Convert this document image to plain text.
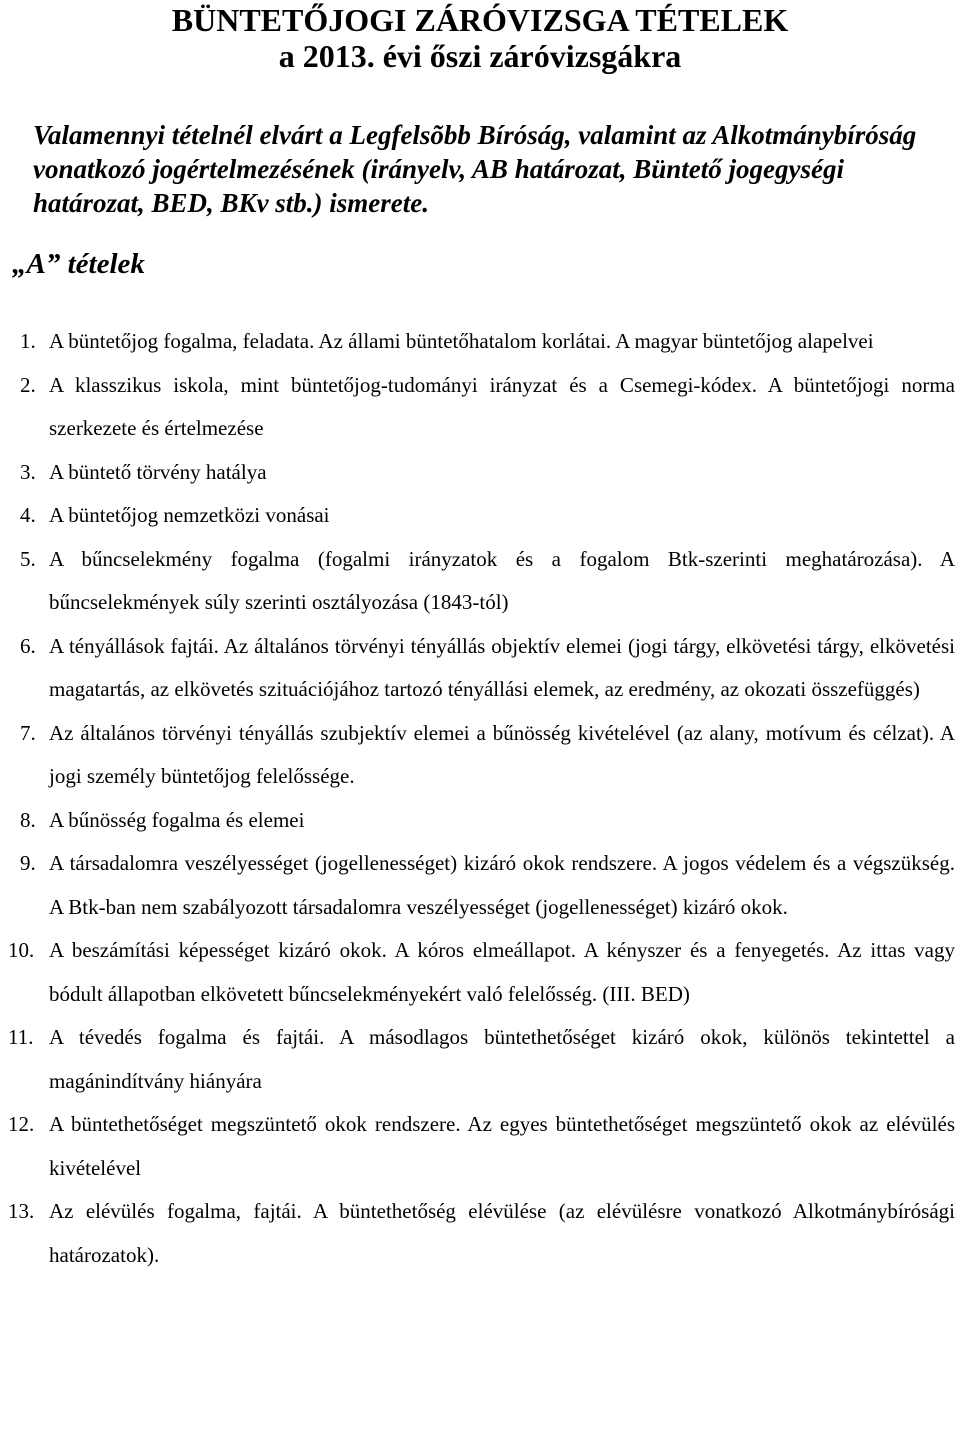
BÜNTETŐJOGI ZÁRÓVIZSGA TÉTELEK
a 2013. évi őszi záróvizsgákra

Valamennyi tételnél elvárt a Legfelsõbb Bíróság, valamint az Alkotmánybíróság vonatkozó jogértelmezésének (irányelv, AB határozat, Büntető jogegységi határozat, BED, BKv stb.) ismerete.

„A” tételek
1. A büntetőjog fogalma, feladata. Az állami büntetőhatalom korlátai. A magyar büntetőjog alapelvei
2. A klasszikus iskola, mint büntetőjog-tudományi irányzat és a Csemegi-kódex. A büntetőjogi norma szerkezete és értelmezése
3. A büntető törvény hatálya
4. A büntetőjog nemzetközi vonásai
5. A bűncselekmény fogalma (fogalmi irányzatok és a fogalom Btk-szerinti meghatározása). A bűncselekmények súly szerinti osztályozása (1843-tól)
6. A tényállások fajtái. Az általános törvényi tényállás objektív elemei (jogi tárgy, elkövetési tárgy, elkövetési magatartás, az elkövetés szituációjához tartozó tényállási elemek, az eredmény, az okozati összefüggés)
7. Az általános törvényi tényállás szubjektív elemei a bűnösség kivételével (az alany, motívum és célzat). A jogi személy büntetőjog felelőssége.
8. A bűnösség fogalma és elemei
9. A társadalomra veszélyességet (jogellenességet) kizáró okok rendszere. A jogos védelem és a végszükség. A Btk-ban nem szabályozott társadalomra veszélyességet (jogellenességet) kizáró okok.
10. A beszámítási képességet kizáró okok. A kóros elmeállapot. A kényszer és a fenyegetés. Az ittas vagy bódult állapotban elkövetett bűncselekményekért való felelősség. (III. BED)
11. A tévedés fogalma és fajtái. A másodlagos büntethetőséget kizáró okok, különös tekintettel a magánindítvány hiányára
12. A büntethetőséget megszüntető okok rendszere. Az egyes büntethetőséget megszüntető okok az elévülés kivételével
13. Az elévülés fogalma, fajtái. A büntethetőség elévülése (az elévülésre vonatkozó Alkotmánybírósági határozatok).
